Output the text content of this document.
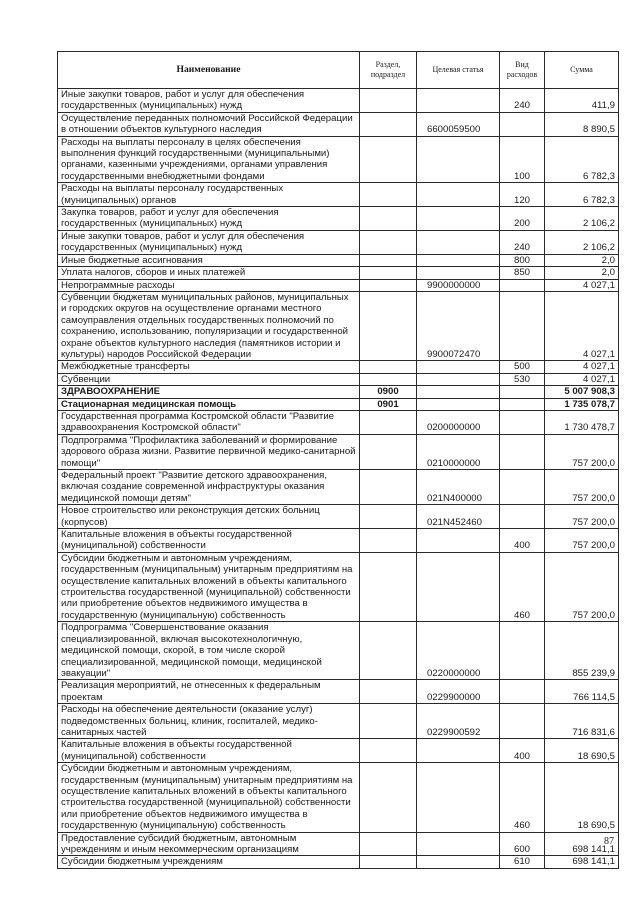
Наименование	Раздел, подраздел	Целевая статья	Вид расходов	Сумма
Иные закупки товаров, работ и услуг для обеспечения государственных (муниципальных) нужд			240	411,9
Осуществление переданных полномочий Российской Федерации в отношении объектов культурного наследия		6600059500		8 890,5
Расходы на выплаты персоналу в целях обеспечения выполнения функций государственными (муниципальными) органами, казенными учреждениями, органами управления государственными внебюджетными фондами			100	6 782,3
Расходы на выплаты персоналу государственных (муниципальных) органов			120	6 782,3
Закупка товаров, работ и услуг для обеспечения государственных (муниципальных) нужд			200	2 106,2
Иные закупки товаров, работ и услуг для обеспечения государственных (муниципальных) нужд			240	2 106,2
Иные бюджетные ассигнования			800	2,0
Уплата налогов, сборов и иных платежей			850	2,0
Непрограммные расходы		9900000000		4 027,1
Субвенции бюджетам муниципальных районов, муниципальных и городских округов на осуществление органами местного самоуправления отдельных государственных полномочий по сохранению, использованию, популяризации и государственной охране объектов культурного наследия (памятников истории и культуры) народов Российской Федерации		9900072470		4 027,1
Межбюджетные трансферты			500	4 027,1
Субвенции			530	4 027,1
ЗДРАВООХРАНЕНИЕ	0900			5 007 908,3
Стационарная медицинская помощь	0901			1 735 078,7
Государственная программа Костромской области "Развитие здравоохранения Костромской области"		0200000000		1 730 478,7
Подпрограмма "Профилактика заболеваний и формирование здорового образа жизни. Развитие первичной медико-санитарной помощи"		0210000000		757 200,0
Федеральный проект "Развитие детского здравоохранения, включая создание современной инфраструктуры оказания медицинской помощи детям"		021N400000		757 200,0
Новое строительство или реконструкция детских больниц (корпусов)		021N452460		757 200,0
Капитальные вложения в объекты государственной (муниципальной) собственности			400	757 200,0
Субсидии бюджетным и автономным учреждениям, государственным (муниципальным) унитарным предприятиям на осуществление капитальных вложений в объекты капитального строительства государственной (муниципальной) собственности или приобретение объектов недвижимого имущества в государственную (муниципальную) собственность			460	757 200,0
Подпрограмма "Совершенствование оказания специализированной, включая высокотехнологичную, медицинской помощи, скорой, в том числе скорой специализированной, медицинской помощи, медицинской эвакуации"		0220000000		855 239,9
Реализация мероприятий, не отнесенных к федеральным проектам		0229900000		766 114,5
Расходы на обеспечение деятельности (оказание услуг) подведомственных больниц, клиник, госпиталей, медико-санитарных частей		0229900592		716 831,6
Капитальные вложения в объекты государственной (муниципальной) собственности			400	18 690,5
Субсидии бюджетным и автономным учреждениям, государственным (муниципальным) унитарным предприятиям на осуществление капитальных вложений в объекты капитального строительства государственной (муниципальной) собственности или приобретение объектов недвижимого имущества в государственную (муниципальную) собственность			460	18 690,5
Предоставление субсидий бюджетным, автономным учреждениям и иным некоммерческим организациям			600	698 141,1
Субсидии бюджетным учреждениям			610	698 141,1
87
